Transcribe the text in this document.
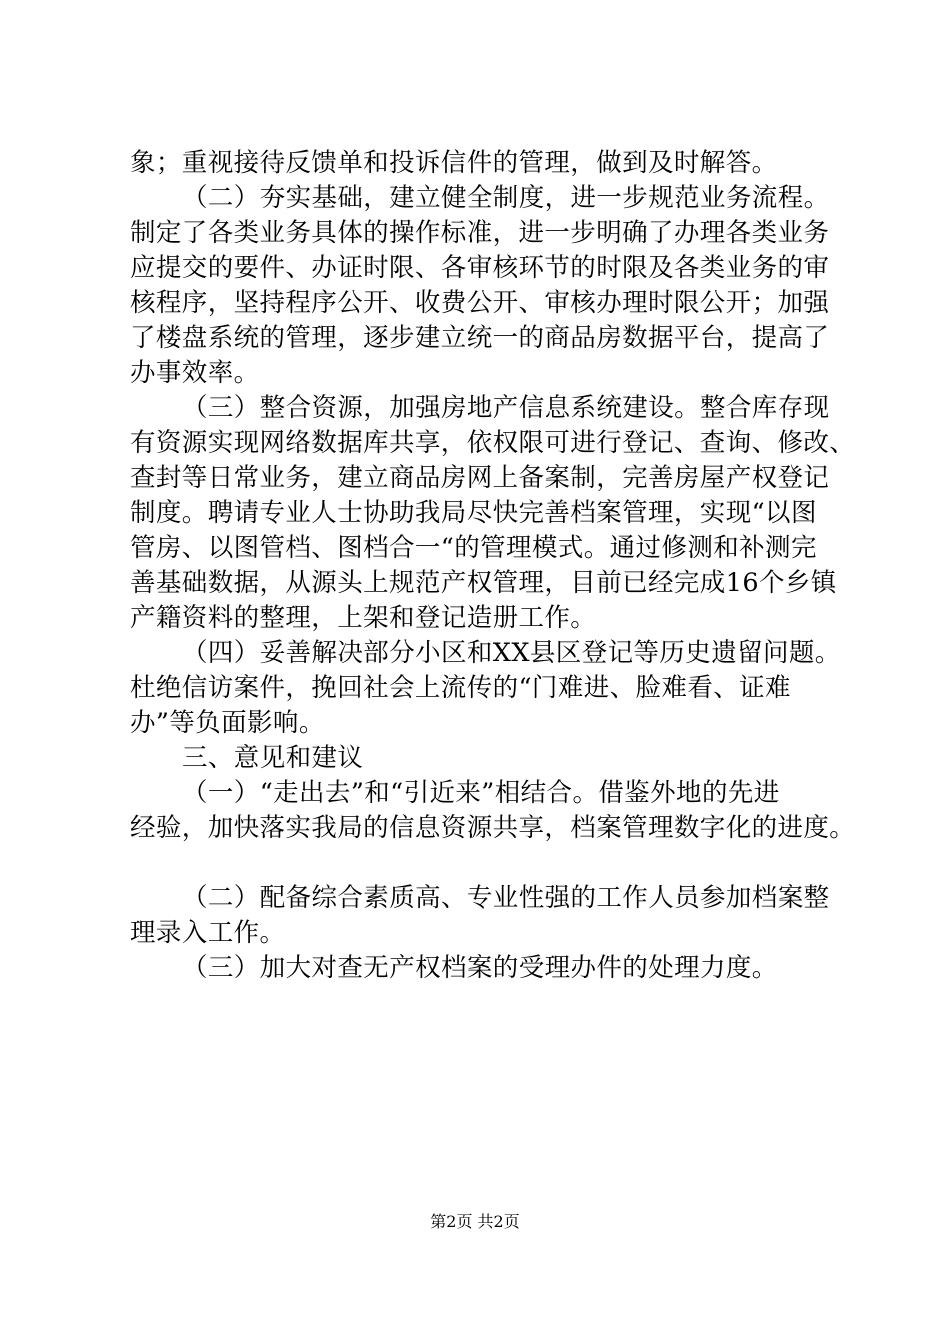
象；重视接待反馈单和投诉信件的管理，做到及时解答。
（二）夯实基础，建立健全制度，进一步规范业务流程。
制定了各类业务具体的操作标准，进一步明确了办理各类业务
应提交的要件、办证时限、各审核环节的时限及各类业务的审
核程序，坚持程序公开、收费公开、审核办理时限公开；加强
了楼盘系统的管理，逐步建立统一的商品房数据平台，提高了
办事效率。
（三）整合资源，加强房地产信息系统建设。整合库存现
有资源实现网络数据库共享，依权限可进行登记、查询、修改、
查封等日常业务，建立商品房网上备案制，完善房屋产权登记
制度。聘请专业人士协助我局尽快完善档案管理，实现“以图
管房、以图管档、图档合一“的管理模式。通过修测和补测完
善基础数据，从源头上规范产权管理，目前已经完成16个乡镇
产籍资料的整理，上架和登记造册工作。
（四）妥善解决部分小区和XX县区登记等历史遗留问题。
杜绝信访案件，挽回社会上流传的“门难进、脸难看、证难
办”等负面影响。
三、意见和建议
（一）“走出去”和“引近来”相结合。借鉴外地的先进
经验，加快落实我局的信息资源共享，档案管理数字化的进度。
（二）配备综合素质高、专业性强的工作人员参加档案整
理录入工作。
（三）加大对查无产权档案的受理办件的处理力度。
第2页 共2页
